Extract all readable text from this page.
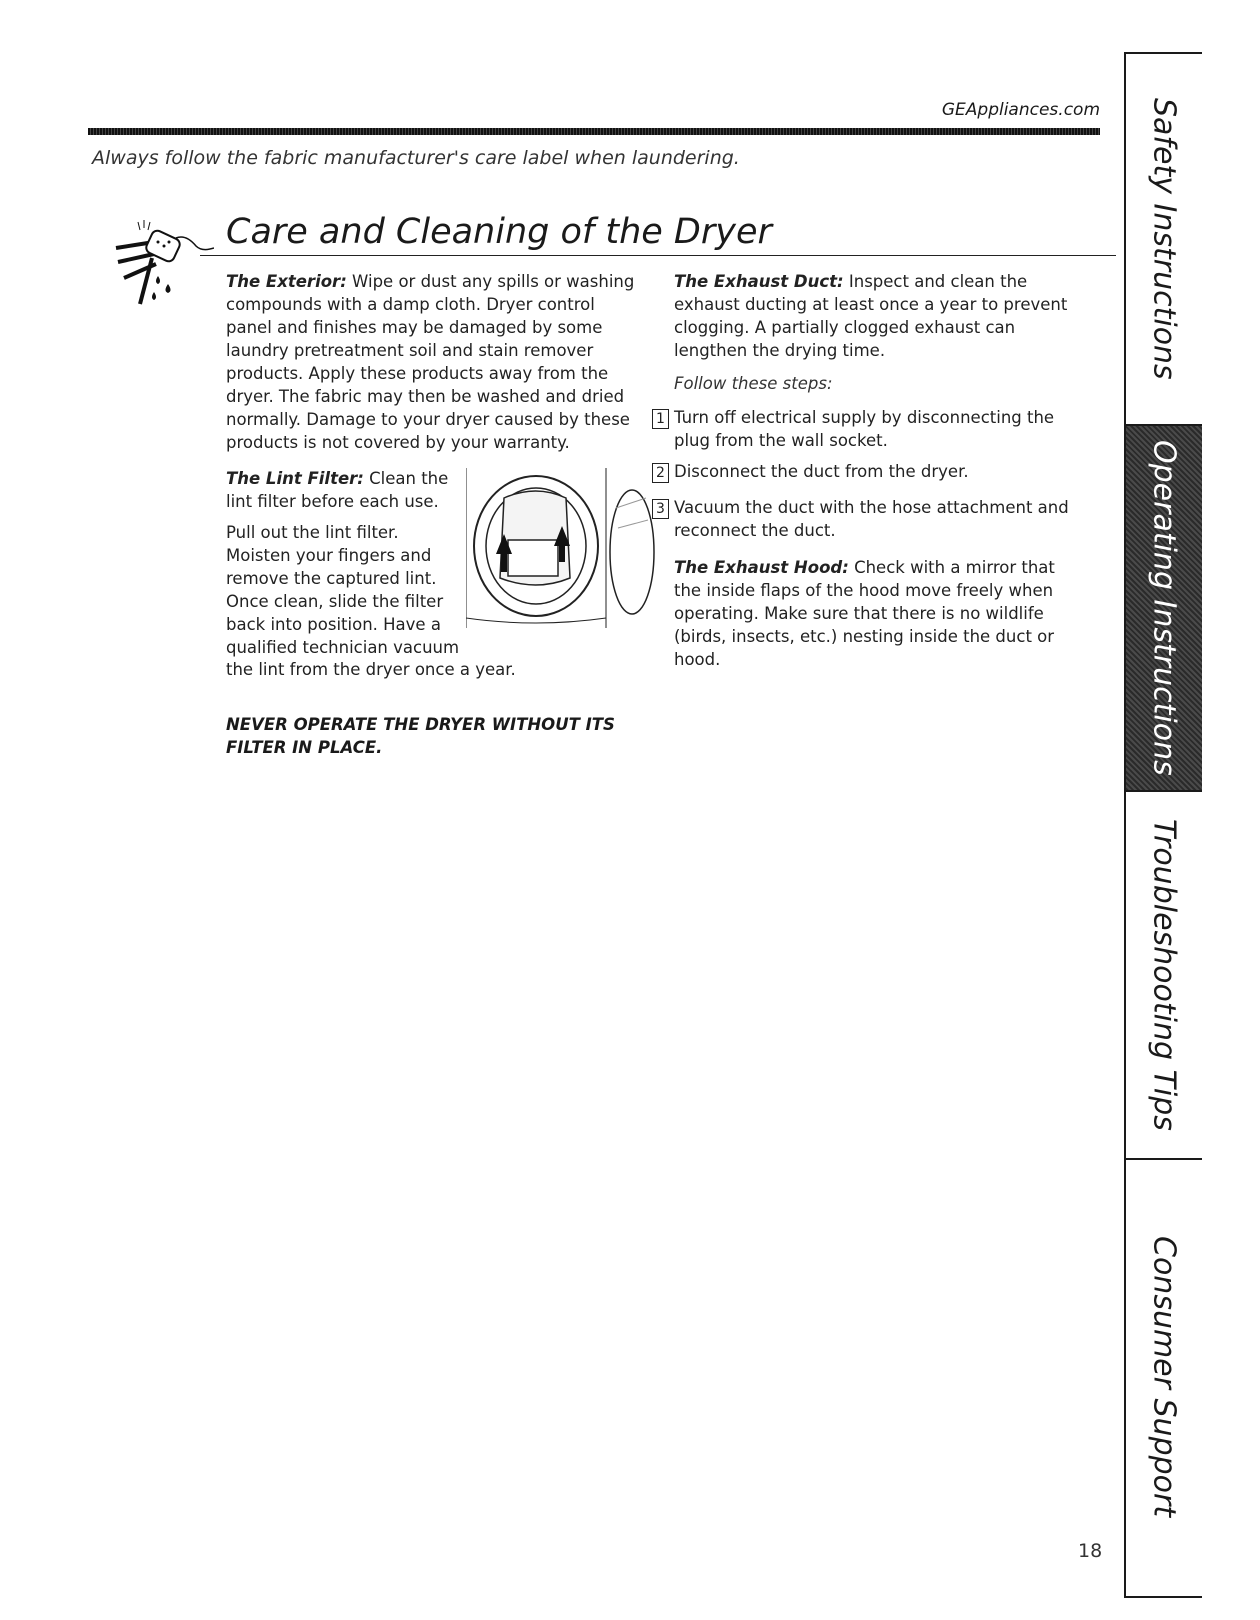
GEAppliances.com
Always follow the fabric manufacturer's care label when laundering.
Care and Cleaning of the Dryer

The Exterior: Wipe or dust any spills or washing compounds with a damp cloth. Dryer control panel and finishes may be damaged by some laundry pretreatment soil and stain remover products. Apply these products away from the dryer. The fabric may then be washed and dried normally. Damage to your dryer caused by these products is not covered by your warranty.

The Lint Filter: Clean the lint filter before each use.

Pull out the lint filter. Moisten your fingers and remove the captured lint. Once clean, slide the filter back into position. Have a qualified technician vacuum

the lint from the dryer once a year.

NEVER OPERATE THE DRYER WITHOUT ITS FILTER IN PLACE.

The Exhaust Duct: Inspect and clean the exhaust ducting at least once a year to prevent clogging. A partially clogged exhaust can lengthen the drying time.

Follow these steps:
1 Turn off electrical supply by disconnecting the plug from the wall socket.
2 Disconnect the duct from the dryer.
3 Vacuum the duct with the hose attachment and reconnect the duct.

The Exhaust Hood: Check with a mirror that the inside flaps of the hood move freely when operating. Make sure that there is no wildlife (birds, insects, etc.) nesting inside the duct or hood.

18
Safety Instructions
Operating Instructions
Troubleshooting Tips
Consumer Support
